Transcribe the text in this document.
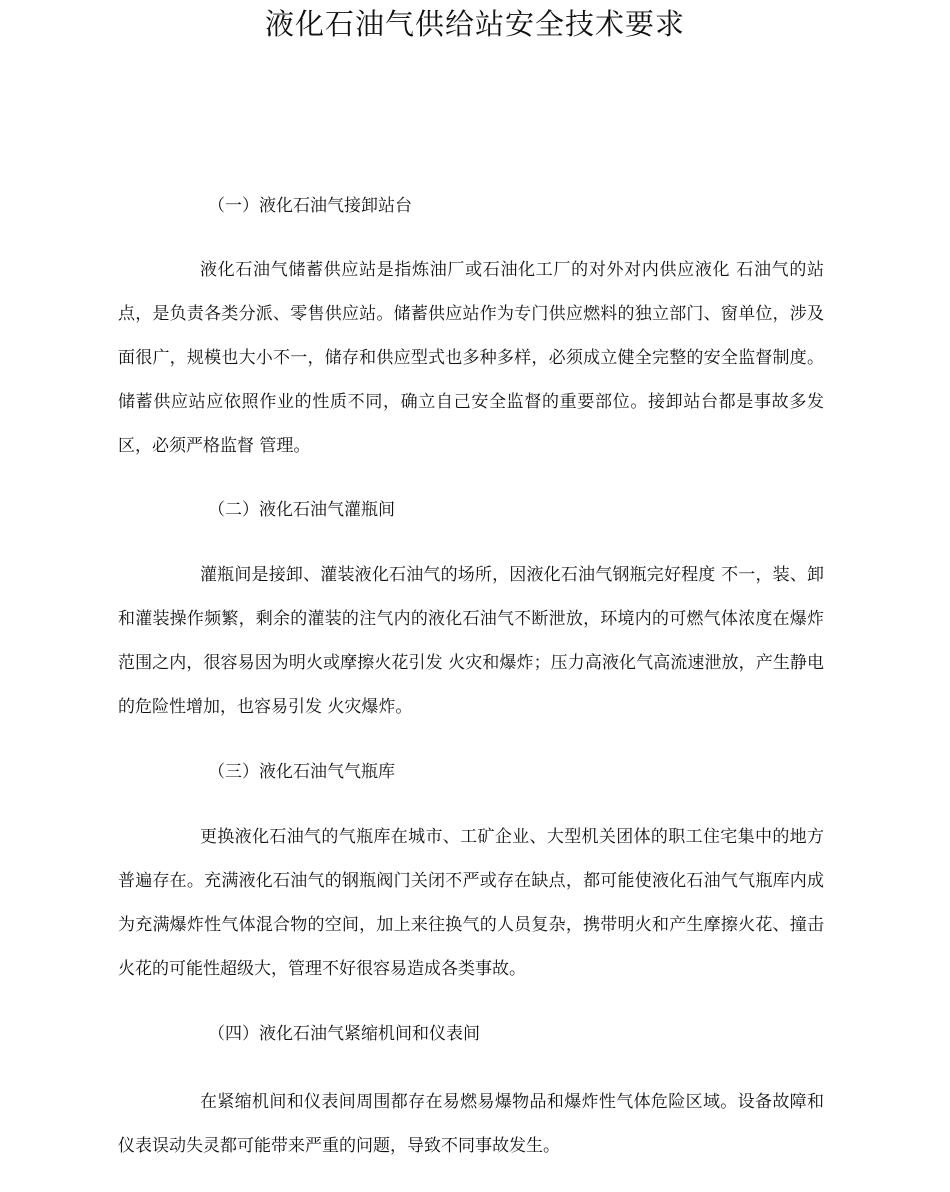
液化石油气供给站安全技术要求
（一）液化石油气接卸站台

液化石油气储蓄供应站是指炼油厂或石油化工厂的对外对内供应液化 石油气的站点，是负责各类分派、零售供应站。储蓄供应站作为专门供应燃料的独立部门、窗单位，涉及面很广，规模也大小不一，储存和供应型式也多种多样，必须成立健全完整的安全监督制度。储蓄供应站应依照作业的性质不同，确立自己安全监督的重要部位。接卸站台都是事故多发区，必须严格监督 管理。

（二）液化石油气灌瓶间

灌瓶间是接卸、灌装液化石油气的场所，因液化石油气钢瓶完好程度 不一，装、卸和灌装操作频繁，剩余的灌装的注气内的液化石油气不断泄放，环境内的可燃气体浓度在爆炸范围之内，很容易因为明火或摩擦火花引发 火灾和爆炸；压力高液化气高流速泄放，产生静电的危险性增加，也容易引发 火灾爆炸。

（三）液化石油气气瓶库

更换液化石油气的气瓶库在城市、工矿企业、大型机关团体的职工住宅集中的地方普遍存在。充满液化石油气的钢瓶阀门关闭不严或存在缺点，都可能使液化石油气气瓶库内成为充满爆炸性气体混合物的空间，加上来往换气的人员复杂，携带明火和产生摩擦火花、撞击火花的可能性超级大，管理不好很容易造成各类事故。

（四）液化石油气紧缩机间和仪表间

在紧缩机间和仪表间周围都存在易燃易爆物品和爆炸性气体危险区域。设备故障和仪表误动失灵都可能带来严重的问题，导致不同事故发生。
